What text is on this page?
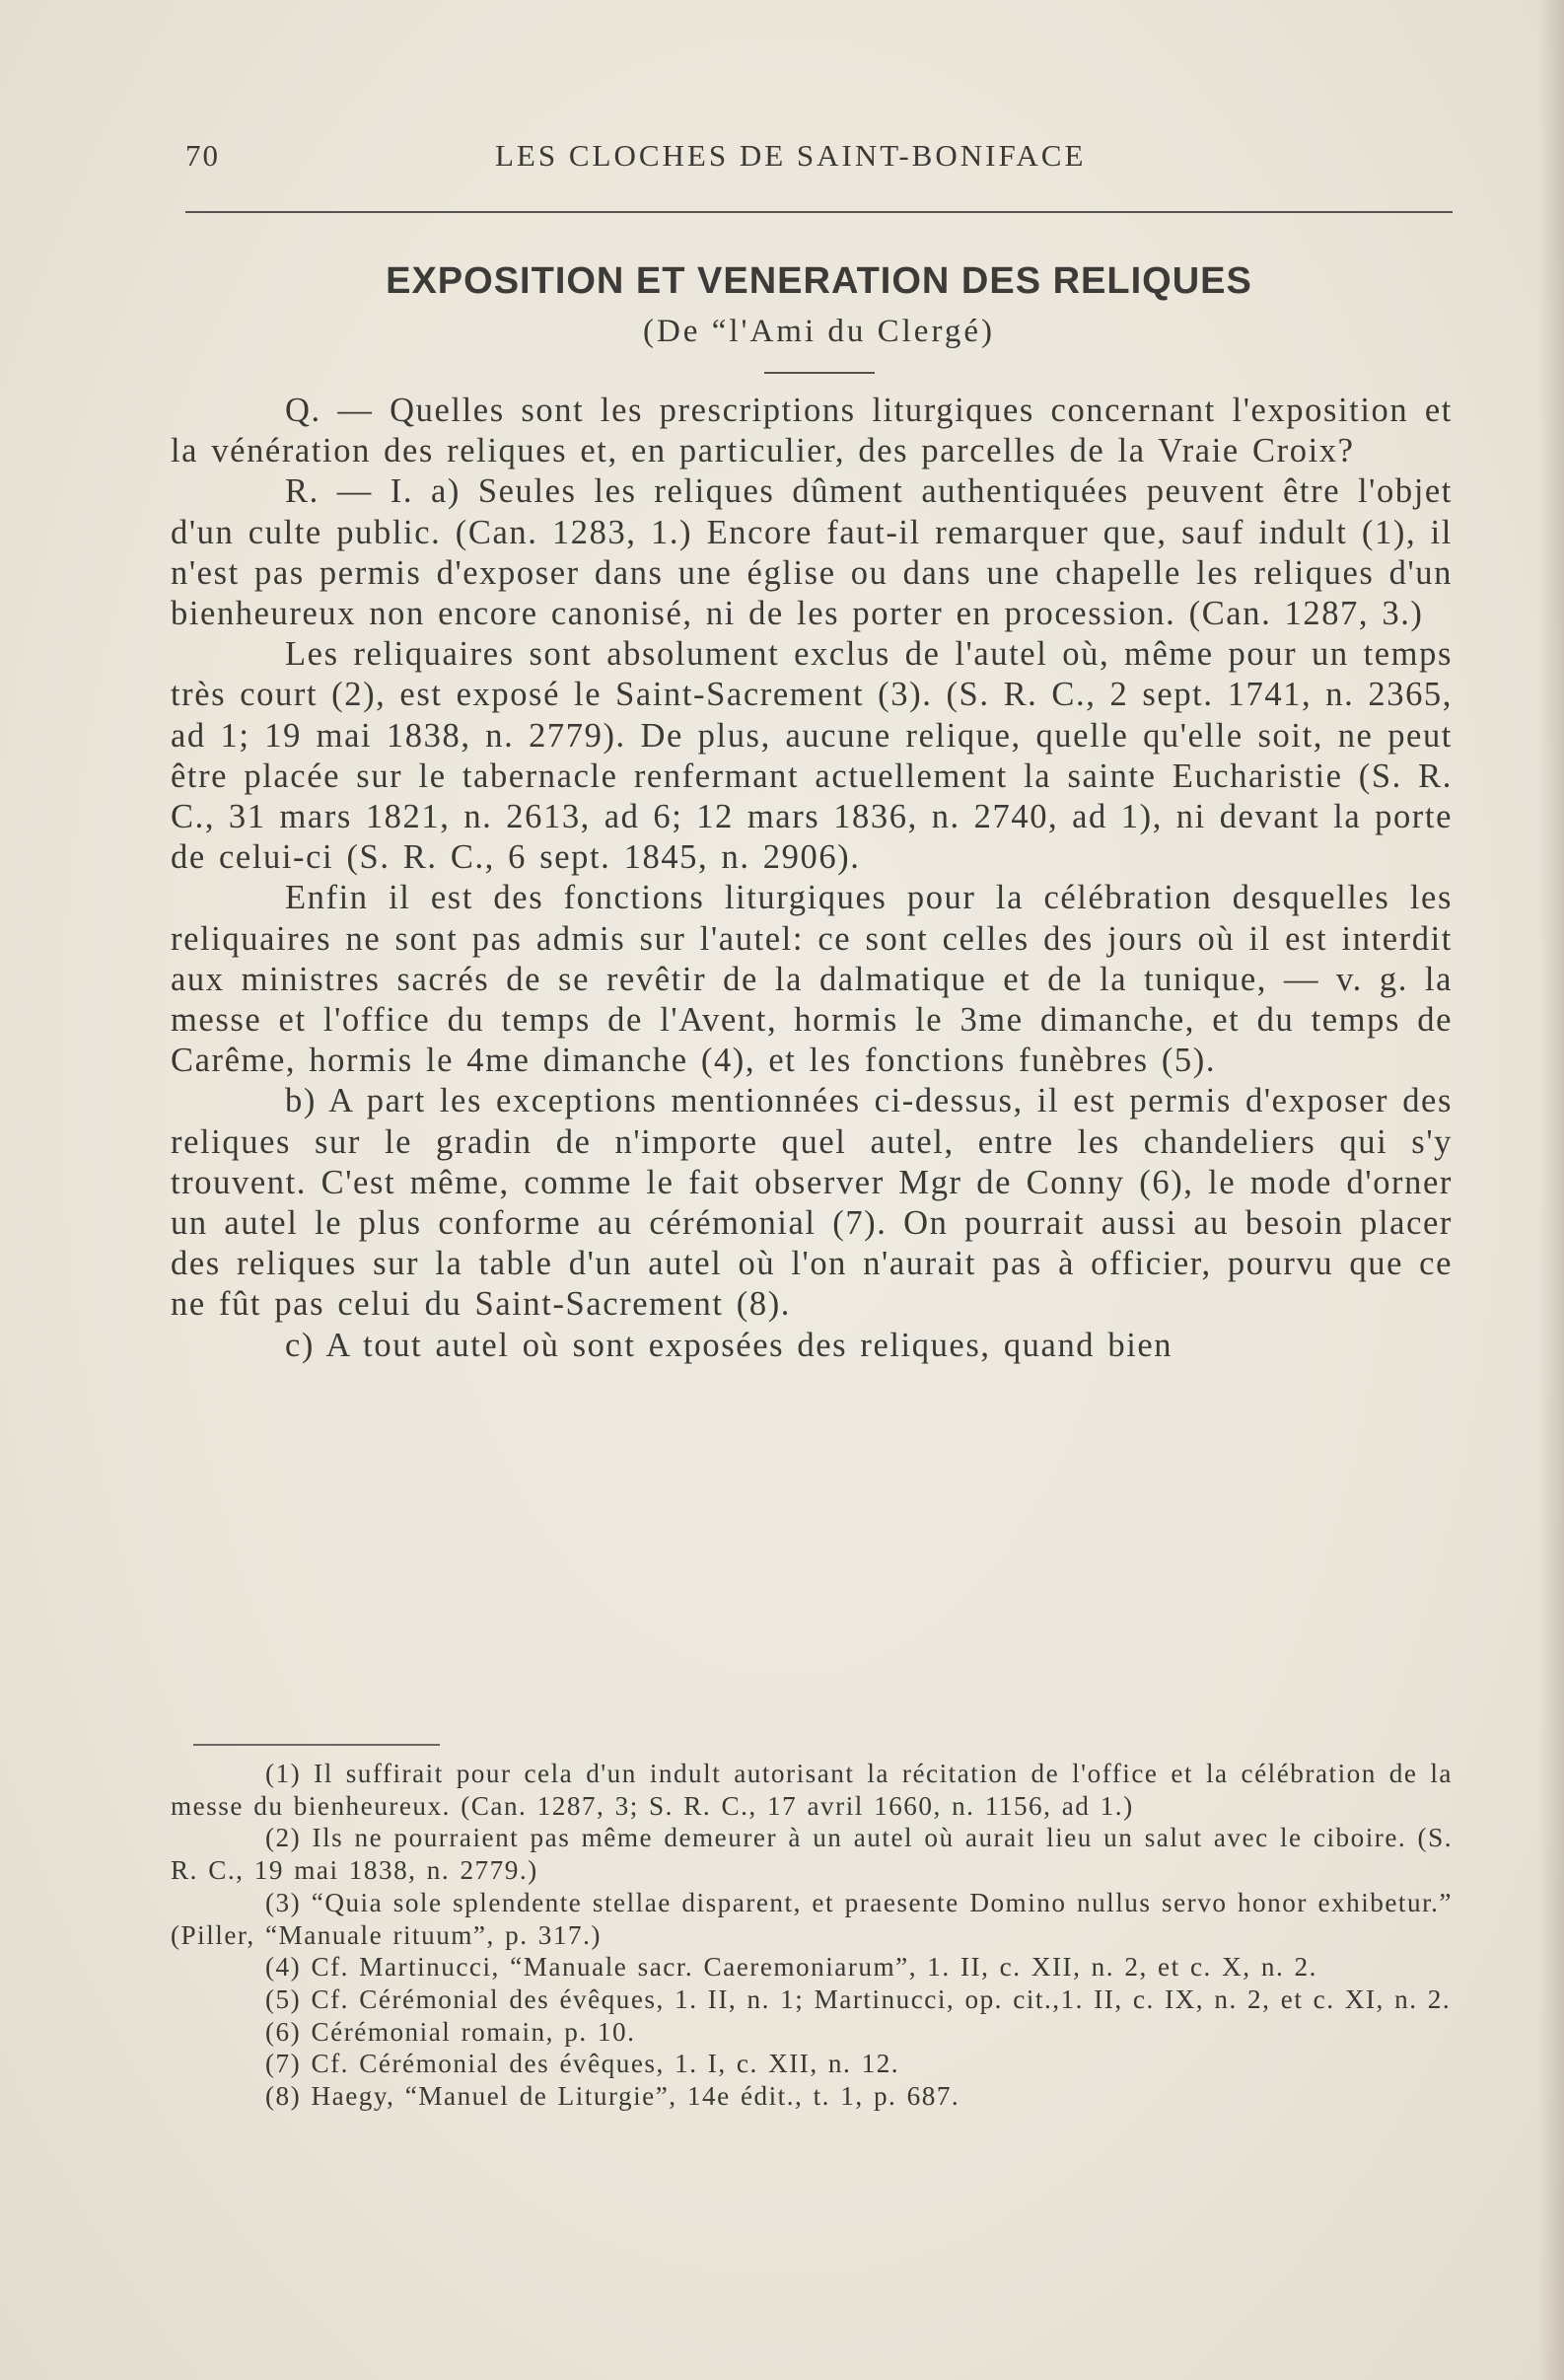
70	LES CLOCHES DE SAINT-BONIFACE
EXPOSITION ET VENERATION DES RELIQUES
(De “l'Ami du Clergé)

Q. — Quelles sont les prescriptions liturgiques concernant l'exposition et la vénération des reliques et, en particulier, des parcelles de la Vraie Croix?

R. — I. a) Seules les reliques dûment authentiquées peuvent être l'objet d'un culte public. (Can. 1283, 1.) Encore faut-il remarquer que, sauf indult (1), il n'est pas permis d'exposer dans une église ou dans une chapelle les reliques d'un bienheureux non encore canonisé, ni de les porter en procession. (Can. 1287, 3.)

Les reliquaires sont absolument exclus de l'autel où, même pour un temps très court (2), est exposé le Saint-Sacrement (3). (S. R. C., 2 sept. 1741, n. 2365, ad 1; 19 mai 1838, n. 2779). De plus, aucune relique, quelle qu'elle soit, ne peut être placée sur le tabernacle renfermant actuellement la sainte Eucharistie (S. R. C., 31 mars 1821, n. 2613, ad 6; 12 mars 1836, n. 2740, ad 1), ni devant la porte de celui-ci (S. R. C., 6 sept. 1845, n. 2906).

Enfin il est des fonctions liturgiques pour la célébration desquelles les reliquaires ne sont pas admis sur l'autel: ce sont celles des jours où il est interdit aux ministres sacrés de se revêtir de la dalmatique et de la tunique, — v. g. la messe et l'office du temps de l'Avent, hormis le 3me dimanche, et du temps de Carême, hormis le 4me dimanche (4), et les fonctions funèbres (5).

b) A part les exceptions mentionnées ci-dessus, il est permis d'exposer des reliques sur le gradin de n'importe quel autel, entre les chandeliers qui s'y trouvent. C'est même, comme le fait observer Mgr de Conny (6), le mode d'orner un autel le plus conforme au cérémonial (7). On pourrait aussi au besoin placer des reliques sur la table d'un autel où l'on n'aurait pas à officier, pourvu que ce ne fût pas celui du Saint-Sacrement (8).

c) A tout autel où sont exposées des reliques, quand bien

(1) Il suffirait pour cela d'un indult autorisant la récitation de l'office et la célébration de la messe du bienheureux. (Can. 1287, 3; S. R. C., 17 avril 1660, n. 1156, ad 1.)

(2) Ils ne pourraient pas même demeurer à un autel où aurait lieu un salut avec le ciboire. (S. R. C., 19 mai 1838, n. 2779.)

(3) “Quia sole splendente stellae disparent, et praesente Domino nullus servo honor exhibetur.” (Piller, “Manuale rituum”, p. 317.)

(4) Cf. Martinucci, “Manuale sacr. Caeremoniarum”, 1. II, c. XII, n. 2, et c. X, n. 2.

(5) Cf. Cérémonial des évêques, 1. II, n. 1; Martinucci, op. cit.,1. II, c. IX, n. 2, et c. XI, n. 2.

(6) Cérémonial romain, p. 10.

(7) Cf. Cérémonial des évêques, 1. I, c. XII, n. 12.

(8) Haegy, “Manuel de Liturgie”, 14e édit., t. 1, p. 687.
